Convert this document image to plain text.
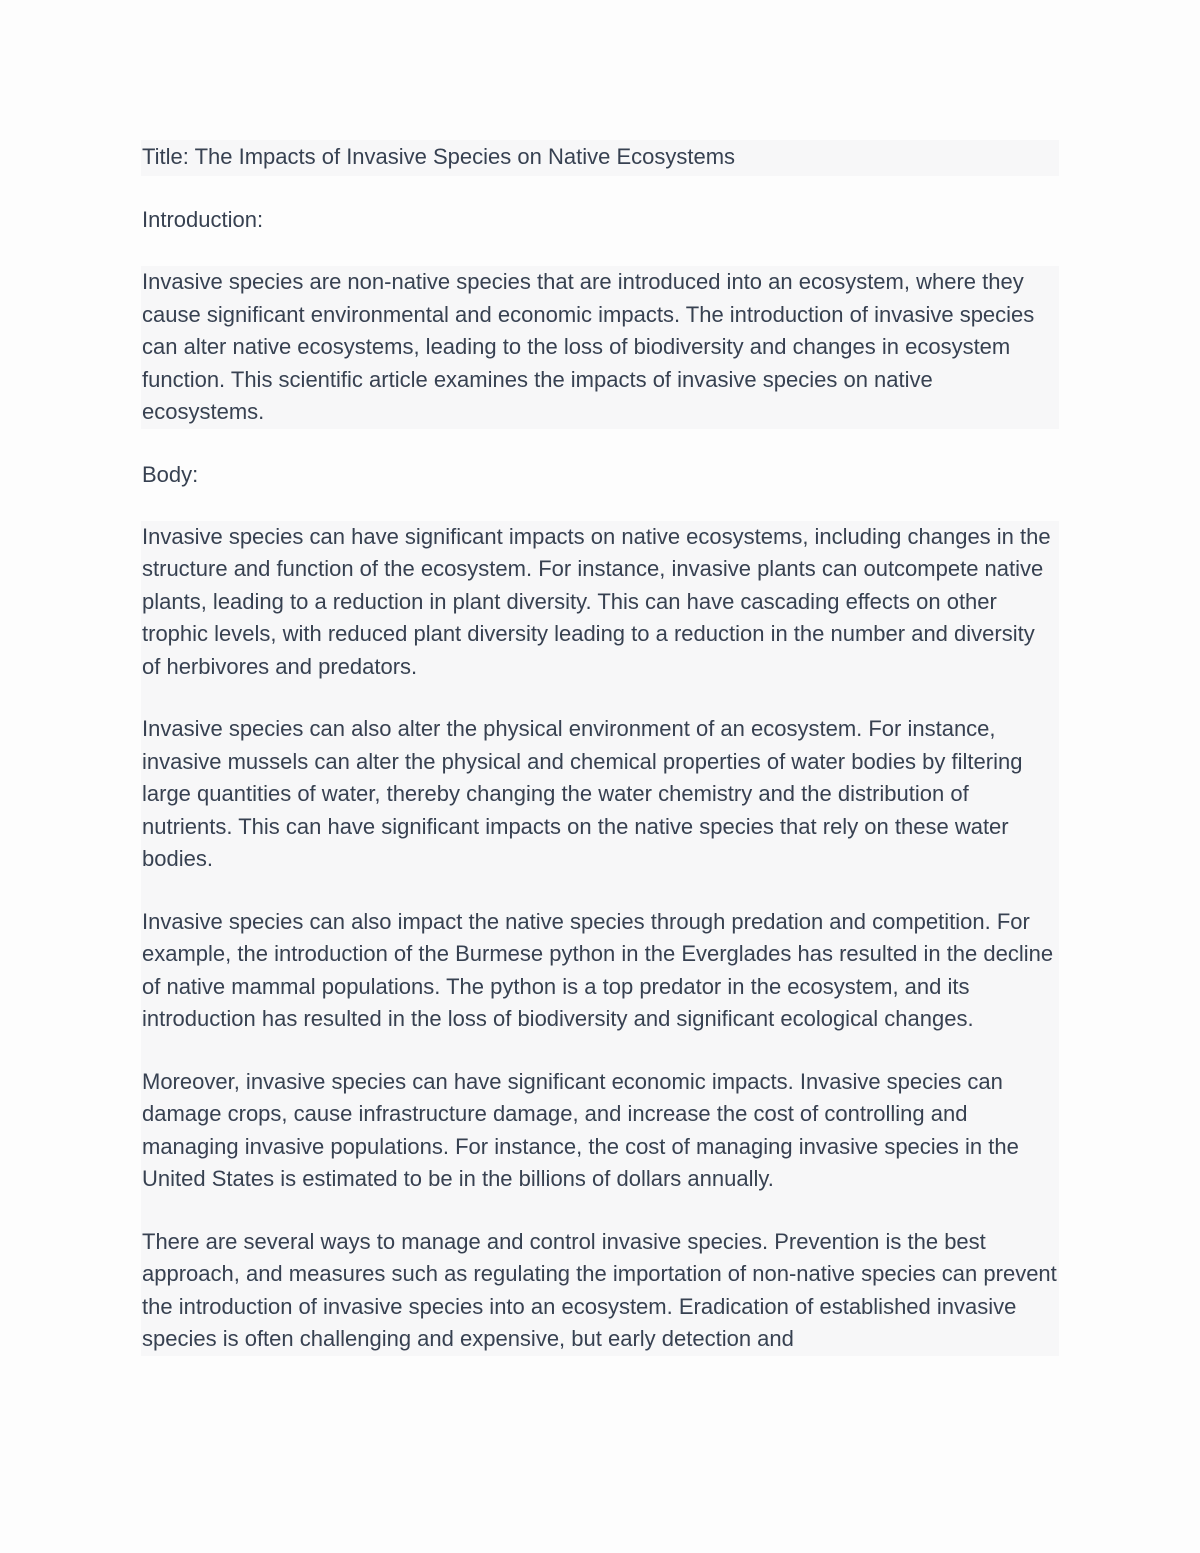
Title: The Impacts of Invasive Species on Native Ecosystems
Introduction:
Invasive species are non-native species that are introduced into an ecosystem, where they cause significant environmental and economic impacts. The introduction of invasive species can alter native ecosystems, leading to the loss of biodiversity and changes in ecosystem function. This scientific article examines the impacts of invasive species on native ecosystems.
Body:
Invasive species can have significant impacts on native ecosystems, including changes in the structure and function of the ecosystem. For instance, invasive plants can outcompete native plants, leading to a reduction in plant diversity. This can have cascading effects on other trophic levels, with reduced plant diversity leading to a reduction in the number and diversity of herbivores and predators.
Invasive species can also alter the physical environment of an ecosystem. For instance, invasive mussels can alter the physical and chemical properties of water bodies by filtering large quantities of water, thereby changing the water chemistry and the distribution of nutrients. This can have significant impacts on the native species that rely on these water bodies.
Invasive species can also impact the native species through predation and competition. For example, the introduction of the Burmese python in the Everglades has resulted in the decline of native mammal populations. The python is a top predator in the ecosystem, and its introduction has resulted in the loss of biodiversity and significant ecological changes.
Moreover, invasive species can have significant economic impacts. Invasive species can damage crops, cause infrastructure damage, and increase the cost of controlling and managing invasive populations. For instance, the cost of managing invasive species in the United States is estimated to be in the billions of dollars annually.
There are several ways to manage and control invasive species. Prevention is the best approach, and measures such as regulating the importation of non-native species can prevent the introduction of invasive species into an ecosystem. Eradication of established invasive species is often challenging and expensive, but early detection and
